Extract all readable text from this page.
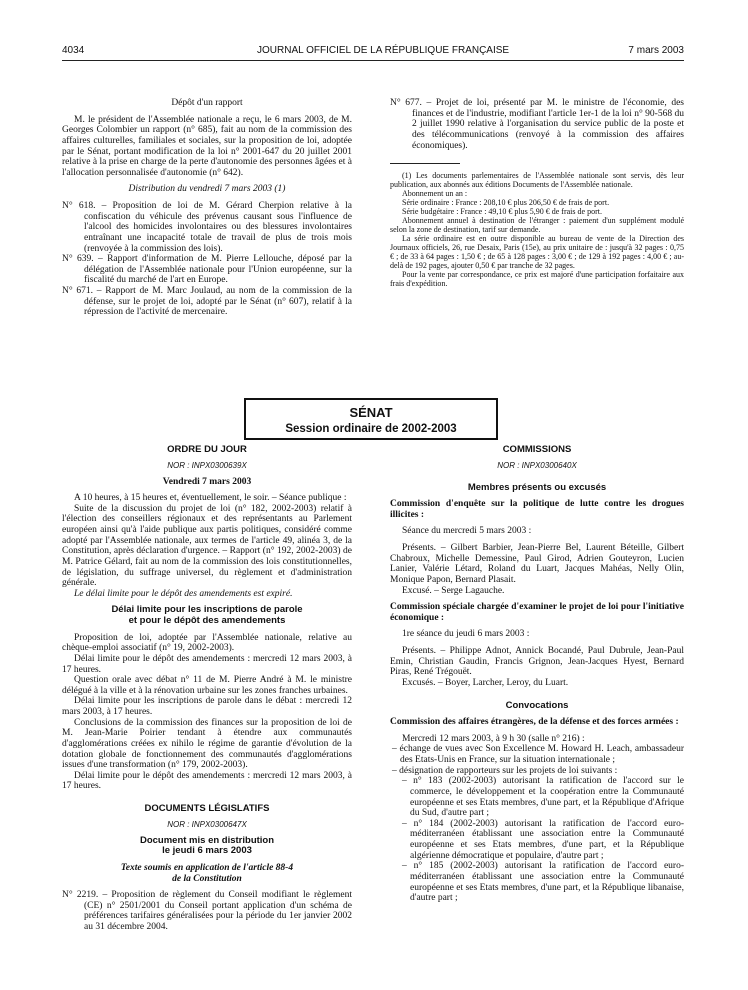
4034	JOURNAL OFFICIEL DE LA RÉPUBLIQUE FRANÇAISE	7 mars 2003
Dépôt d'un rapport
M. le président de l'Assemblée nationale a reçu, le 6 mars 2003, de M. Georges Colombier un rapport (n° 685), fait au nom de la commission des affaires culturelles, familiales et sociales, sur la proposition de loi, adoptée par le Sénat, portant modification de la loi n° 2001-647 du 20 juillet 2001 relative à la prise en charge de la perte d'autonomie des personnes âgées et à l'allocation personnalisée d'autonomie (n° 642).
Distribution du vendredi 7 mars 2003 (1)
N° 618. – Proposition de loi de M. Gérard Cherpion relative à la confiscation du véhicule des prévenus causant sous l'influence de l'alcool des homicides involontaires ou des blessures involontaires entraînant une incapacité totale de travail de plus de trois mois (renvoyée à la commission des lois).
N° 639. – Rapport d'information de M. Pierre Lellouche, déposé par la délégation de l'Assemblée nationale pour l'Union européenne, sur la fiscalité du marché de l'art en Europe.
N° 671. – Rapport de M. Marc Joulaud, au nom de la commission de la défense, sur le projet de loi, adopté par le Sénat (n° 607), relatif à la répression de l'activité de mercenaire.
N° 677. – Projet de loi, présenté par M. le ministre de l'économie, des finances et de l'industrie, modifiant l'article 1er-1 de la loi n° 90-568 du 2 juillet 1990 relative à l'organisation du service public de la poste et des télécommunications (renvoyé à la commission des affaires économiques).
(1) Les documents parlementaires de l'Assemblée nationale sont servis, dès leur publication, aux abonnés aux éditions Documents de l'Assemblée nationale.
Abonnement un an :
Série ordinaire : France : 208,10 € plus 206,50 € de frais de port.
Série budgétaire : France : 49,10 € plus 5,90 € de frais de port.
Abonnement annuel à destination de l'étranger : paiement d'un supplément modulé selon la zone de destination, tarif sur demande.
La série ordinaire est en outre disponible au bureau de vente de la Direction des Journaux officiels, 26, rue Desaix, Paris (15e), au prix unitaire de : jusqu'à 32 pages : 0,75 € ; de 33 à 64 pages : 1,50 € ; de 65 à 128 pages : 3,00 € ; de 129 à 192 pages : 4,00 € ; au-delà de 192 pages, ajouter 0,50 € par tranche de 32 pages.
Pour la vente par correspondance, ce prix est majoré d'une participation forfaitaire aux frais d'expédition.
SÉNAT
Session ordinaire de 2002-2003
ORDRE DU JOUR
NOR : INPX0300639X
Vendredi 7 mars 2003
A 10 heures, à 15 heures et, éventuellement, le soir. – Séance publique :
Suite de la discussion du projet de loi (n° 182, 2002-2003) relatif à l'élection des conseillers régionaux et des représentants au Parlement européen ainsi qu'à l'aide publique aux partis politiques, considéré comme adopté par l'Assemblée nationale, aux termes de l'article 49, alinéa 3, de la Constitution, après déclaration d'urgence. – Rapport (n° 192, 2002-2003) de M. Patrice Gélard, fait au nom de la commission des lois constitutionnelles, de législation, du suffrage universel, du règlement et d'administration générale.
Le délai limite pour le dépôt des amendements est expiré.
Délai limite pour les inscriptions de parole
et pour le dépôt des amendements
Proposition de loi, adoptée par l'Assemblée nationale, relative au chèque-emploi associatif (n° 19, 2002-2003).
Délai limite pour le dépôt des amendements : mercredi 12 mars 2003, à 17 heures.
Question orale avec débat n° 11 de M. Pierre André à M. le ministre délégué à la ville et à la rénovation urbaine sur les zones franches urbaines.
Délai limite pour les inscriptions de parole dans le débat : mercredi 12 mars 2003, à 17 heures.
Conclusions de la commission des finances sur la proposition de loi de M. Jean-Marie Poirier tendant à étendre aux communautés d'agglomérations créées ex nihilo le régime de garantie d'évolution de la dotation globale de fonctionnement des communautés d'agglomérations issues d'une transformation (n° 179, 2002-2003).
Délai limite pour le dépôt des amendements : mercredi 12 mars 2003, à 17 heures.
DOCUMENTS LÉGISLATIFS
NOR : INPX0300647X
Document mis en distribution
le jeudi 6 mars 2003
Texte soumis en application de l'article 88-4
de la Constitution
N° 2219. – Proposition de règlement du Conseil modifiant le règlement (CE) n° 2501/2001 du Conseil portant application d'un schéma de préférences tarifaires généralisées pour la période du 1er janvier 2002 au 31 décembre 2004.
COMMISSIONS
NOR : INPX0300640X
Membres présents ou excusés
Commission d'enquête sur la politique de lutte contre les drogues illicites :
Séance du mercredi 5 mars 2003 :
Présents. – Gilbert Barbier, Jean-Pierre Bel, Laurent Béteille, Gilbert Chabroux, Michelle Demessine, Paul Girod, Adrien Gouteyron, Lucien Lanier, Valérie Létard, Roland du Luart, Jacques Mahéas, Nelly Olin, Monique Papon, Bernard Plasait.
Excusé. – Serge Lagauche.
Commission spéciale chargée d'examiner le projet de loi pour l'initiative économique :
1re séance du jeudi 6 mars 2003 :
Présents. – Philippe Adnot, Annick Bocandé, Paul Dubrule, Jean-Paul Emin, Christian Gaudin, Francis Grignon, Jean-Jacques Hyest, Bernard Piras, René Trégouët.
Excusés. – Boyer, Larcher, Leroy, du Luart.
Convocations
Commission des affaires étrangères, de la défense et des forces armées :
Mercredi 12 mars 2003, à 9 h 30 (salle n° 216) :
– échange de vues avec Son Excellence M. Howard H. Leach, ambassadeur des Etats-Unis en France, sur la situation internationale ;
– désignation de rapporteurs sur les projets de loi suivants :
– n° 183 (2002-2003) autorisant la ratification de l'accord sur le commerce, le développement et la coopération entre la Communauté européenne et ses Etats membres, d'une part, et la République d'Afrique du Sud, d'autre part ;
– n° 184 (2002-2003) autorisant la ratification de l'accord euro-méditerranéen établissant une association entre la Communauté européenne et ses Etats membres, d'une part, et la République algérienne démocratique et populaire, d'autre part ;
– n° 185 (2002-2003) autorisant la ratification de l'accord euro-méditerranéen établissant une association entre la Communauté européenne et ses Etats membres, d'une part, et la République libanaise, d'autre part ;
